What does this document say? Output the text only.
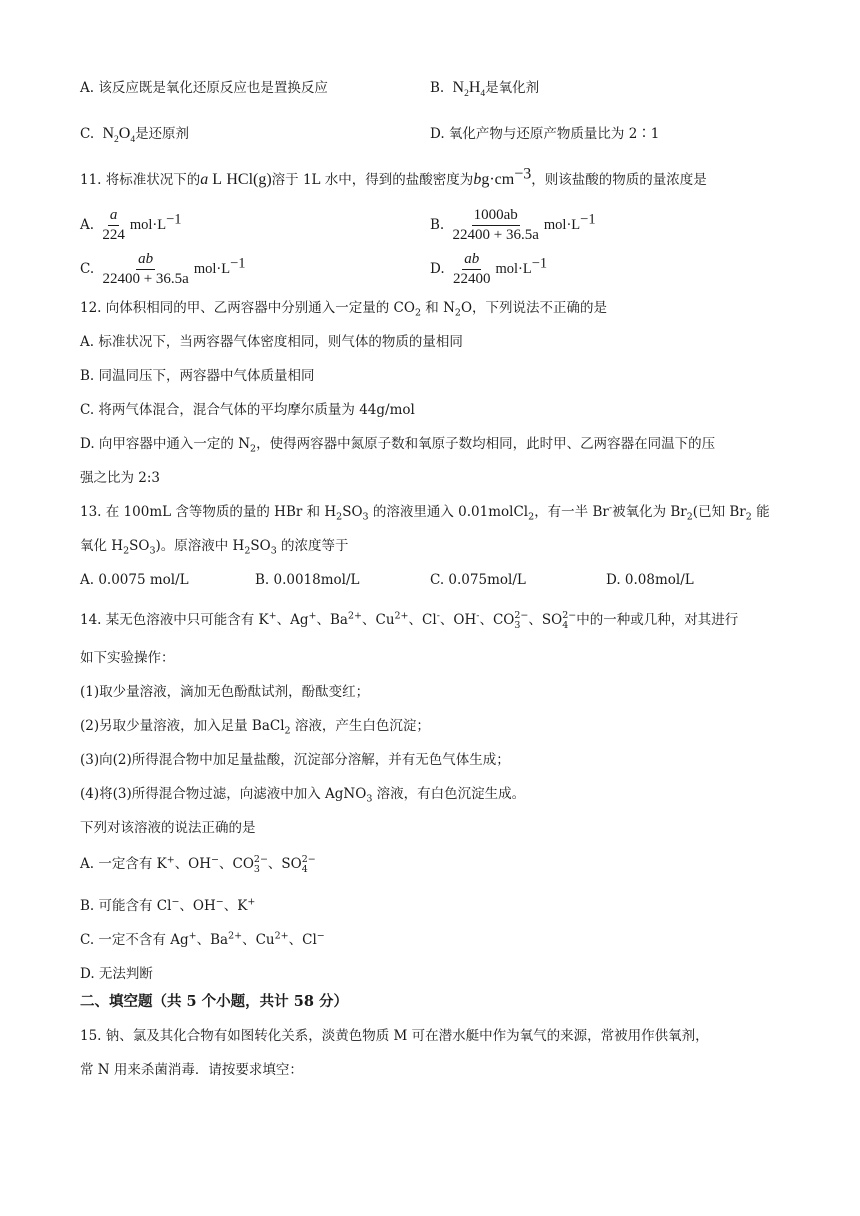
A. 该反应既是氧化还原反应也是置换反应	B. $N_2H_4$是氧化剂
C. $N_2O_4$是还原剂	D. 氧化产物与还原产物质量比为 2∶1
11. 将标准状况下的a L HCl(g)溶于 1L 水中，得到的盐酸密度为$bg\cdot cm^{-3}$，则该盐酸的物质的量浓度是
A. $\frac{a}{224} mol\cdot L^{-1}$	B. $\frac{1000ab}{22400 + 36.5a} mol\cdot L^{-1}$
C. $\frac{ab}{22400 + 36.5a} mol\cdot L^{-1}$	D. $\frac{ab}{22400} mol\cdot L^{-1}$
12. 向体积相同的甲、乙两容器中分别通入一定量的 $CO_2$ 和 $N_2O$，下列说法不正确的是
A. 标准状况下，当两容器气体密度相同，则气体的物质的量相同
B. 同温同压下，两容器中气体质量相同
C. 将两气体混合，混合气体的平均摩尔质量为 44g/mol
D. 向甲容器中通入一定的 $N_2$，使得两容器中氮原子数和氧原子数均相同，此时甲、乙两容器在同温下的压
强之比为 2:3
13. 在 100mL 含等物质的量的 HBr 和 $H_2SO_3$ 的溶液里通入 0.01molCl$_2$，有一半 Br-被氧化为 $Br_2$(已知 $Br_2$ 能
氧化 $H_2SO_3$)。原溶液中 $H_2SO_3$ 的浓度等于
A. 0.0075 mol/L	B. 0.0018mol/L	C. 0.075mol/L	D. 0.08mol/L
14. 某无色溶液中只可能含有 K+、Ag+、$Ba^{2+}$、$Cu^{2+}$、Cl-、OH-、CO 2−
3 、SO 2−
4 中的一种或几种，对其进行
如下实验操作：
(1)取少量溶液，滴加无色酚酞试剂，酚酞变红；
(2)另取少量溶液，加入足量 BaCl$_2$ 溶液，产生白色沉淀；
(3)向(2)所得混合物中加足量盐酸，沉淀部分溶解，并有无色气体生成；
(4)将(3)所得混合物过滤，向滤液中加入 AgNO$_3$ 溶液，有白色沉淀生成。
下列对该溶液的说法正确的是
A. 一定含有 K+、OH−、CO 2−
3 、SO 2−
4
B. 可能含有 Cl−、OH−、K+
C. 一定不含有 Ag+、$Ba^{2+}$、$Cu^{2+}$、Cl−
D. 无法判断
二、填空题（共 5 个小题，共计 58 分）
15. 钠、氯及其化合物有如图转化关系，淡黄色物质 M 可在潜水艇中作为氧气的来源，常被用作供氧剂，
常 N 用来杀菌消毒．请按要求填空：
